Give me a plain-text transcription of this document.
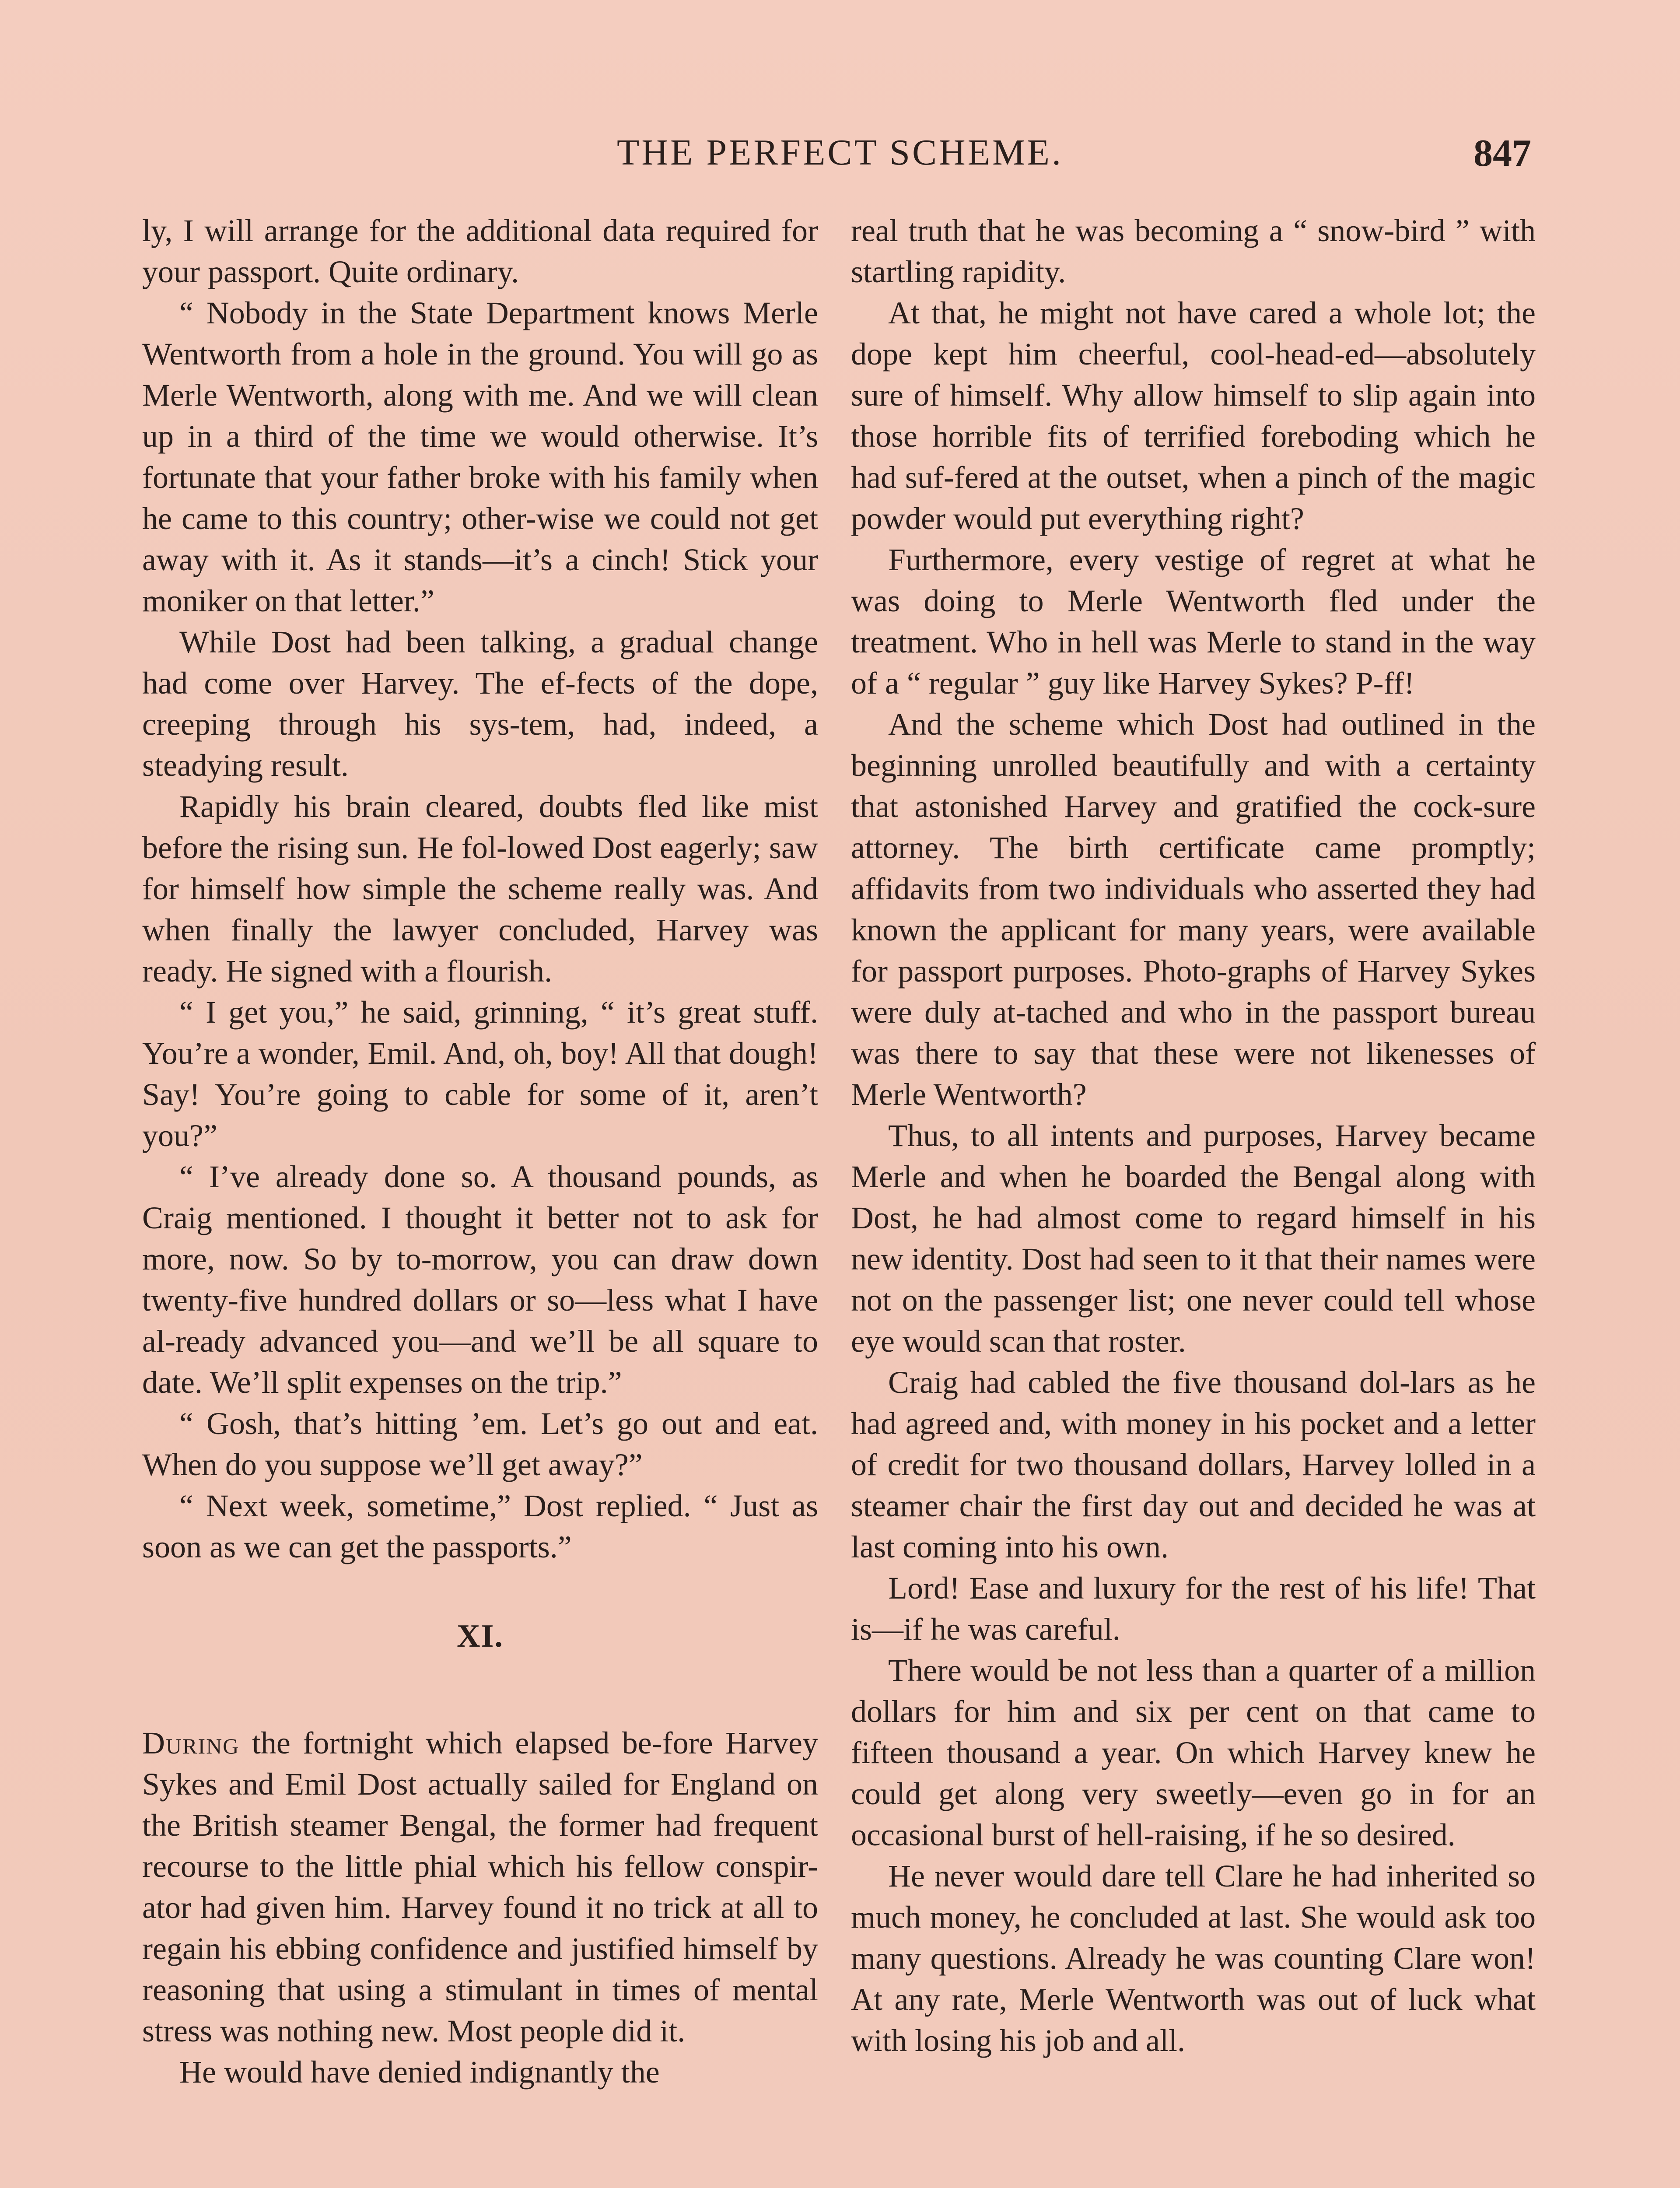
THE PERFECT SCHEME.	847

ly, I will arrange for the additional data required for your passport. Quite ordinary.

“ Nobody in the State Department knows Merle Wentworth from a hole in the ground. You will go as Merle Wentworth, along with me. And we will clean up in a third of the time we would otherwise. It’s fortunate that your father broke with his family when he came to this country; other-wise we could not get away with it. As it stands—it’s a cinch! Stick your moniker on that letter.”

While Dost had been talking, a gradual change had come over Harvey. The ef-fects of the dope, creeping through his sys-tem, had, indeed, a steadying result.

Rapidly his brain cleared, doubts fled like mist before the rising sun. He fol-lowed Dost eagerly; saw for himself how simple the scheme really was. And when finally the lawyer concluded, Harvey was ready. He signed with a flourish.

“ I get you,” he said, grinning, “ it’s great stuff. You’re a wonder, Emil. And, oh, boy! All that dough! Say! You’re going to cable for some of it, aren’t you?”

“ I’ve already done so. A thousand pounds, as Craig mentioned. I thought it better not to ask for more, now. So by to-morrow, you can draw down twenty-five hundred dollars or so—less what I have al-ready advanced you—and we’ll be all square to date. We’ll split expenses on the trip.”

“ Gosh, that’s hitting ’em. Let’s go out and eat. When do you suppose we’ll get away?”

“ Next week, sometime,” Dost replied. “ Just as soon as we can get the passports.”

XI.

During the fortnight which elapsed be-fore Harvey Sykes and Emil Dost actually sailed for England on the British steamer Bengal, the former had frequent recourse to the little phial which his fellow conspir-ator had given him. Harvey found it no trick at all to regain his ebbing confidence and justified himself by reasoning that using a stimulant in times of mental stress was nothing new. Most people did it.

He would have denied indignantly the

real truth that he was becoming a “ snow-bird ” with startling rapidity.

At that, he might not have cared a whole lot; the dope kept him cheerful, cool-head-ed—absolutely sure of himself. Why allow himself to slip again into those horrible fits of terrified foreboding which he had suf-fered at the outset, when a pinch of the magic powder would put everything right?

Furthermore, every vestige of regret at what he was doing to Merle Wentworth fled under the treatment. Who in hell was Merle to stand in the way of a “ regular ” guy like Harvey Sykes? P-ff!

And the scheme which Dost had outlined in the beginning unrolled beautifully and with a certainty that astonished Harvey and gratified the cock-sure attorney. The birth certificate came promptly; affidavits from two individuals who asserted they had known the applicant for many years, were available for passport purposes. Photo-graphs of Harvey Sykes were duly at-tached and who in the passport bureau was there to say that these were not likenesses of Merle Wentworth?

Thus, to all intents and purposes, Harvey became Merle and when he boarded the Bengal along with Dost, he had almost come to regard himself in his new identity. Dost had seen to it that their names were not on the passenger list; one never could tell whose eye would scan that roster.

Craig had cabled the five thousand dol-lars as he had agreed and, with money in his pocket and a letter of credit for two thousand dollars, Harvey lolled in a steamer chair the first day out and decided he was at last coming into his own.

Lord! Ease and luxury for the rest of his life! That is—if he was careful.

There would be not less than a quarter of a million dollars for him and six per cent on that came to fifteen thousand a year. On which Harvey knew he could get along very sweetly—even go in for an occasional burst of hell-raising, if he so desired.

He never would dare tell Clare he had inherited so much money, he concluded at last. She would ask too many questions. Already he was counting Clare won! At any rate, Merle Wentworth was out of luck what with losing his job and all.
